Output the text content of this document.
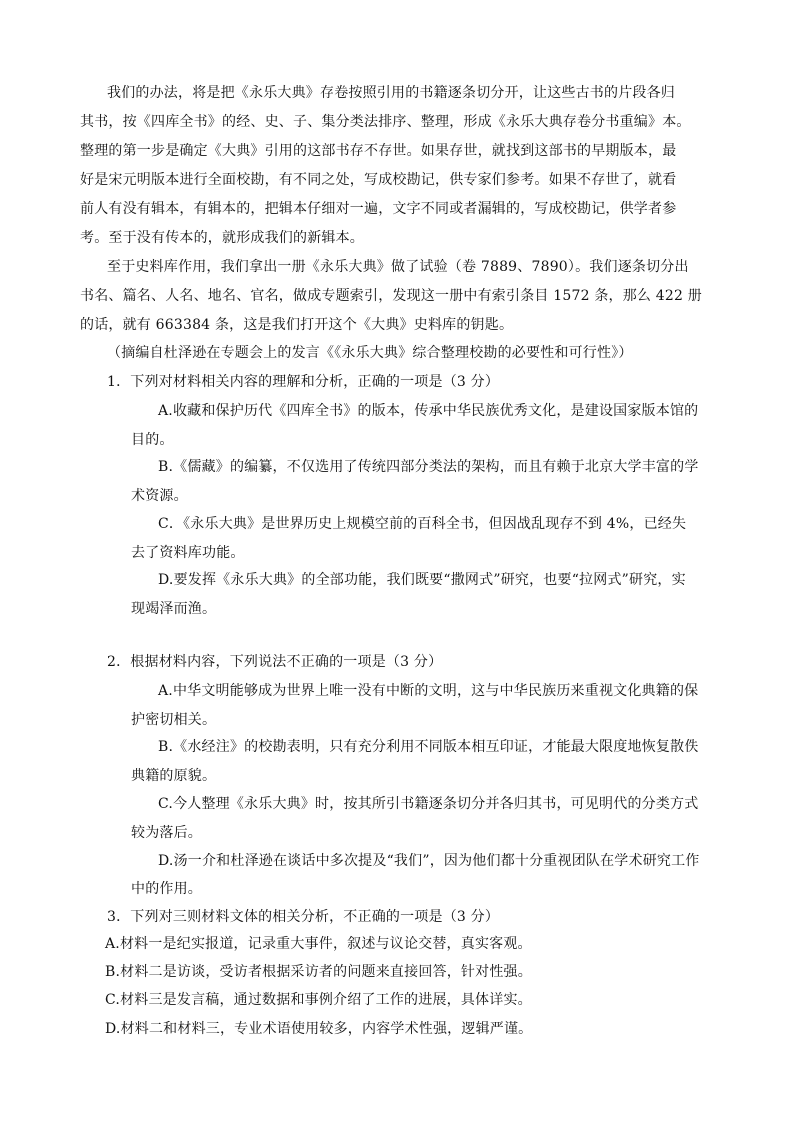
我们的办法，将是把《永乐大典》存卷按照引用的书籍逐条切分开，让这些古书的片段各归
其书，按《四库全书》的经、史、子、集分类法排序、整理，形成《永乐大典存卷分书重编》本。
整理的第一步是确定《大典》引用的这部书存不存世。如果存世，就找到这部书的早期版本，最
好是宋元明版本进行全面校勘，有不同之处，写成校勘记，供专家们参考。如果不存世了，就看
前人有没有辑本，有辑本的，把辑本仔细对一遍，文字不同或者漏辑的，写成校勘记，供学者参
考。至于没有传本的，就形成我们的新辑本。
至于史料库作用，我们拿出一册《永乐大典》做了试验（卷 7889、7890）。我们逐条切分出
书名、篇名、人名、地名、官名，做成专题索引，发现这一册中有索引条目 1572 条，那么 422 册
的话，就有 663384 条，这是我们打开这个《大典》史料库的钥匙。
（摘编自杜泽逊在专题会上的发言《《永乐大典》综合整理校勘的必要性和可行性》）
1．下列对材料相关内容的理解和分析，正确的一项是（3 分）
A.收藏和保护历代《四库全书》的版本，传承中华民族优秀文化，是建设国家版本馆的
目的。
B.《儒藏》的编纂，不仅选用了传统四部分类法的架构，而且有赖于北京大学丰富的学
术资源。
C．《永乐大典》是世界历史上规模空前的百科全书，但因战乱现存不到 4%，已经失
去了资料库功能。
D.要发挥《永乐大典》的全部功能，我们既要“撒网式”研究，也要“拉网式”研究，实
现竭泽而渔。
2．根据材料内容，下列说法不正确的一项是（3 分）
A.中华文明能够成为世界上唯一没有中断的文明，这与中华民族历来重视文化典籍的保
护密切相关。
B.《水经注》的校勘表明，只有充分利用不同版本相互印证，才能最大限度地恢复散佚
典籍的原貌。
C.今人整理《永乐大典》时，按其所引书籍逐条切分并各归其书，可见明代的分类方式
较为落后。
D.汤一介和杜泽逊在谈话中多次提及“我们”，因为他们都十分重视团队在学术研究工作
中的作用。
3．下列对三则材料文体的相关分析，不正确的一项是（3 分）
A.材料一是纪实报道，记录重大事件，叙述与议论交替，真实客观。
B.材料二是访谈，受访者根据采访者的问题来直接回答，针对性强。
C.材料三是发言稿，通过数据和事例介绍了工作的进展，具体详实。
D.材料二和材料三，专业术语使用较多，内容学术性强，逻辑严谨。
